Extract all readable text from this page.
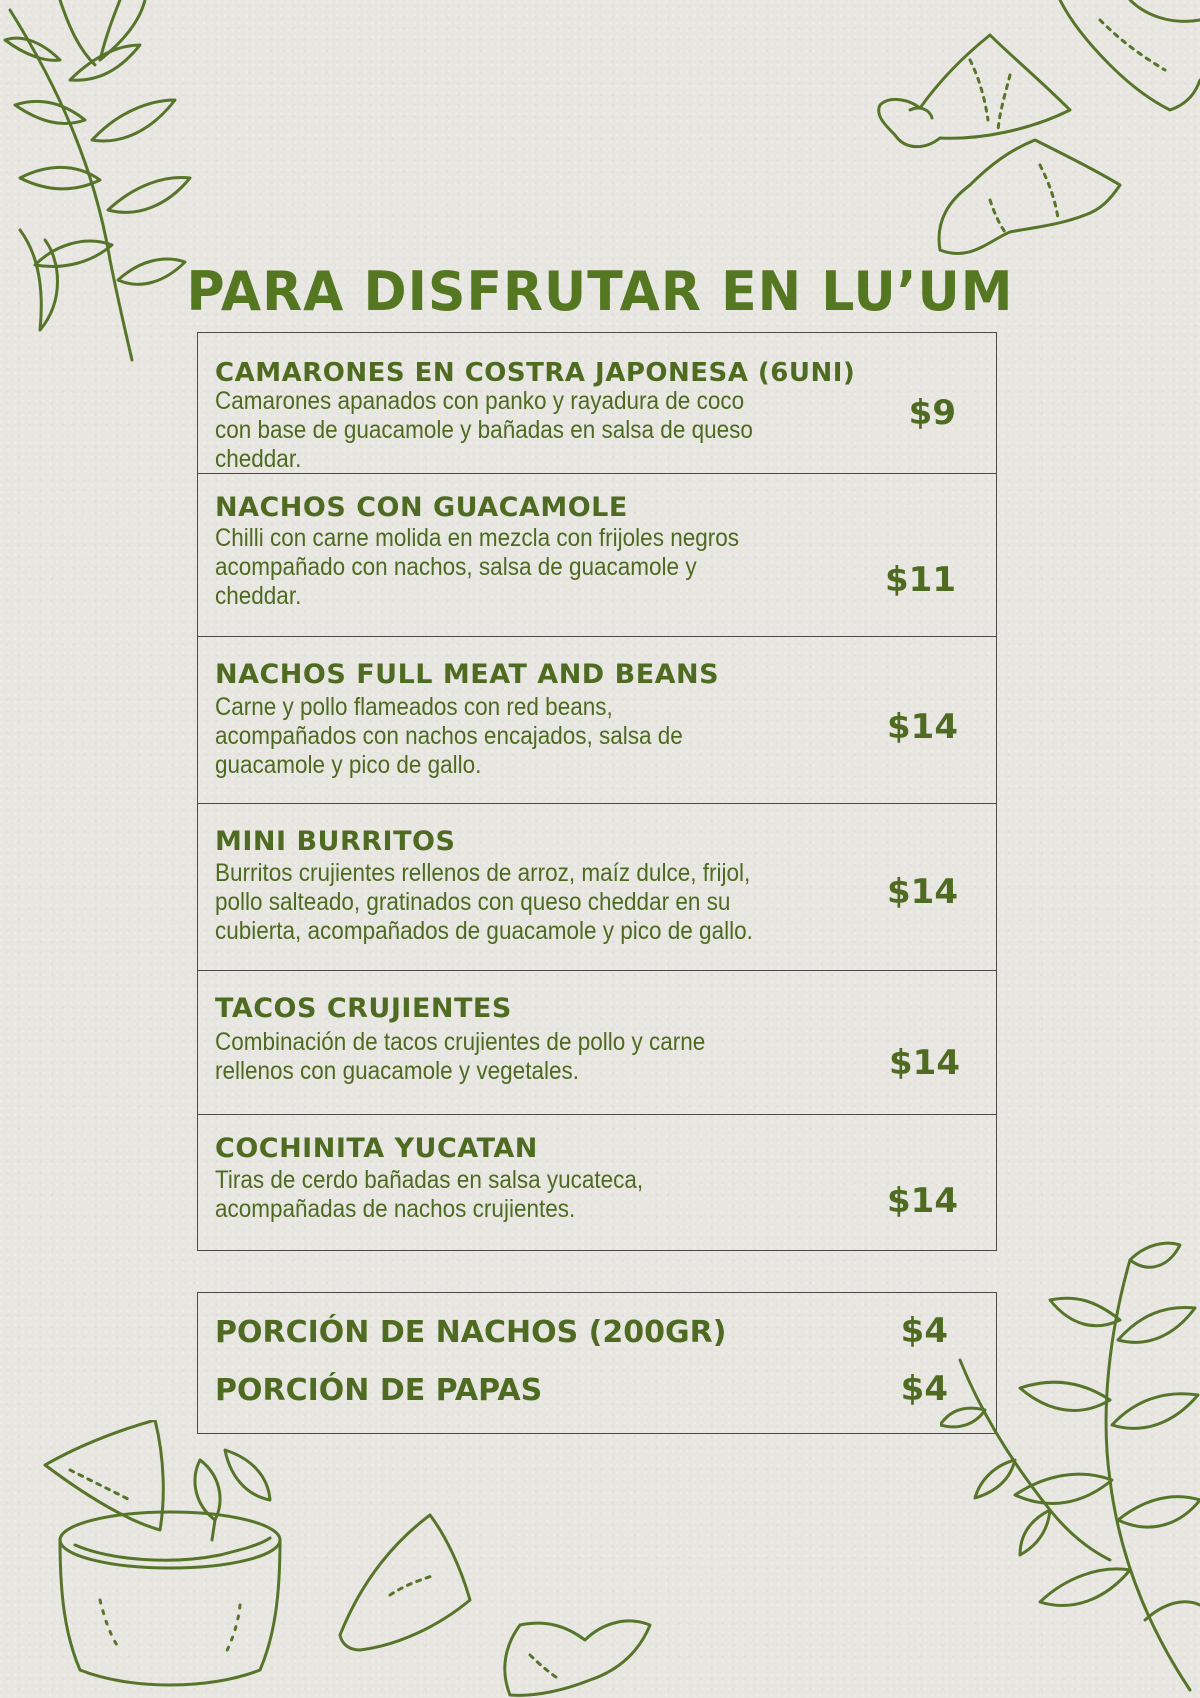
PARA DISFRUTAR EN LU’UM
CAMARONES EN COSTRA JAPONESA (6UNI)
Camarones apanados con panko y rayadura de coco con base de guacamole y bañadas en salsa de queso cheddar.
$9
NACHOS CON GUACAMOLE
Chilli con carne molida en mezcla con frijoles negros acompañado con nachos, salsa de guacamole y cheddar.	$11
NACHOS FULL MEAT AND BEANS
Carne y pollo flameados con red beans, acompañados con nachos encajados, salsa de guacamole y pico de gallo.
$14
MINI BURRITOS
Burritos crujientes rellenos de arroz, maíz dulce, frijol, pollo salteado, gratinados con queso cheddar en su cubierta, acompañados de guacamole y pico de gallo.
$14
TACOS CRUJIENTES
Combinación de tacos crujientes de pollo y carne rellenos con guacamole y vegetales.	$14
COCHINITA YUCATAN
Tiras de cerdo bañadas en salsa yucateca, acompañadas de nachos crujientes.	$14
PORCIÓN DE NACHOS (200GR)	$4
PORCIÓN DE PAPAS	$4
